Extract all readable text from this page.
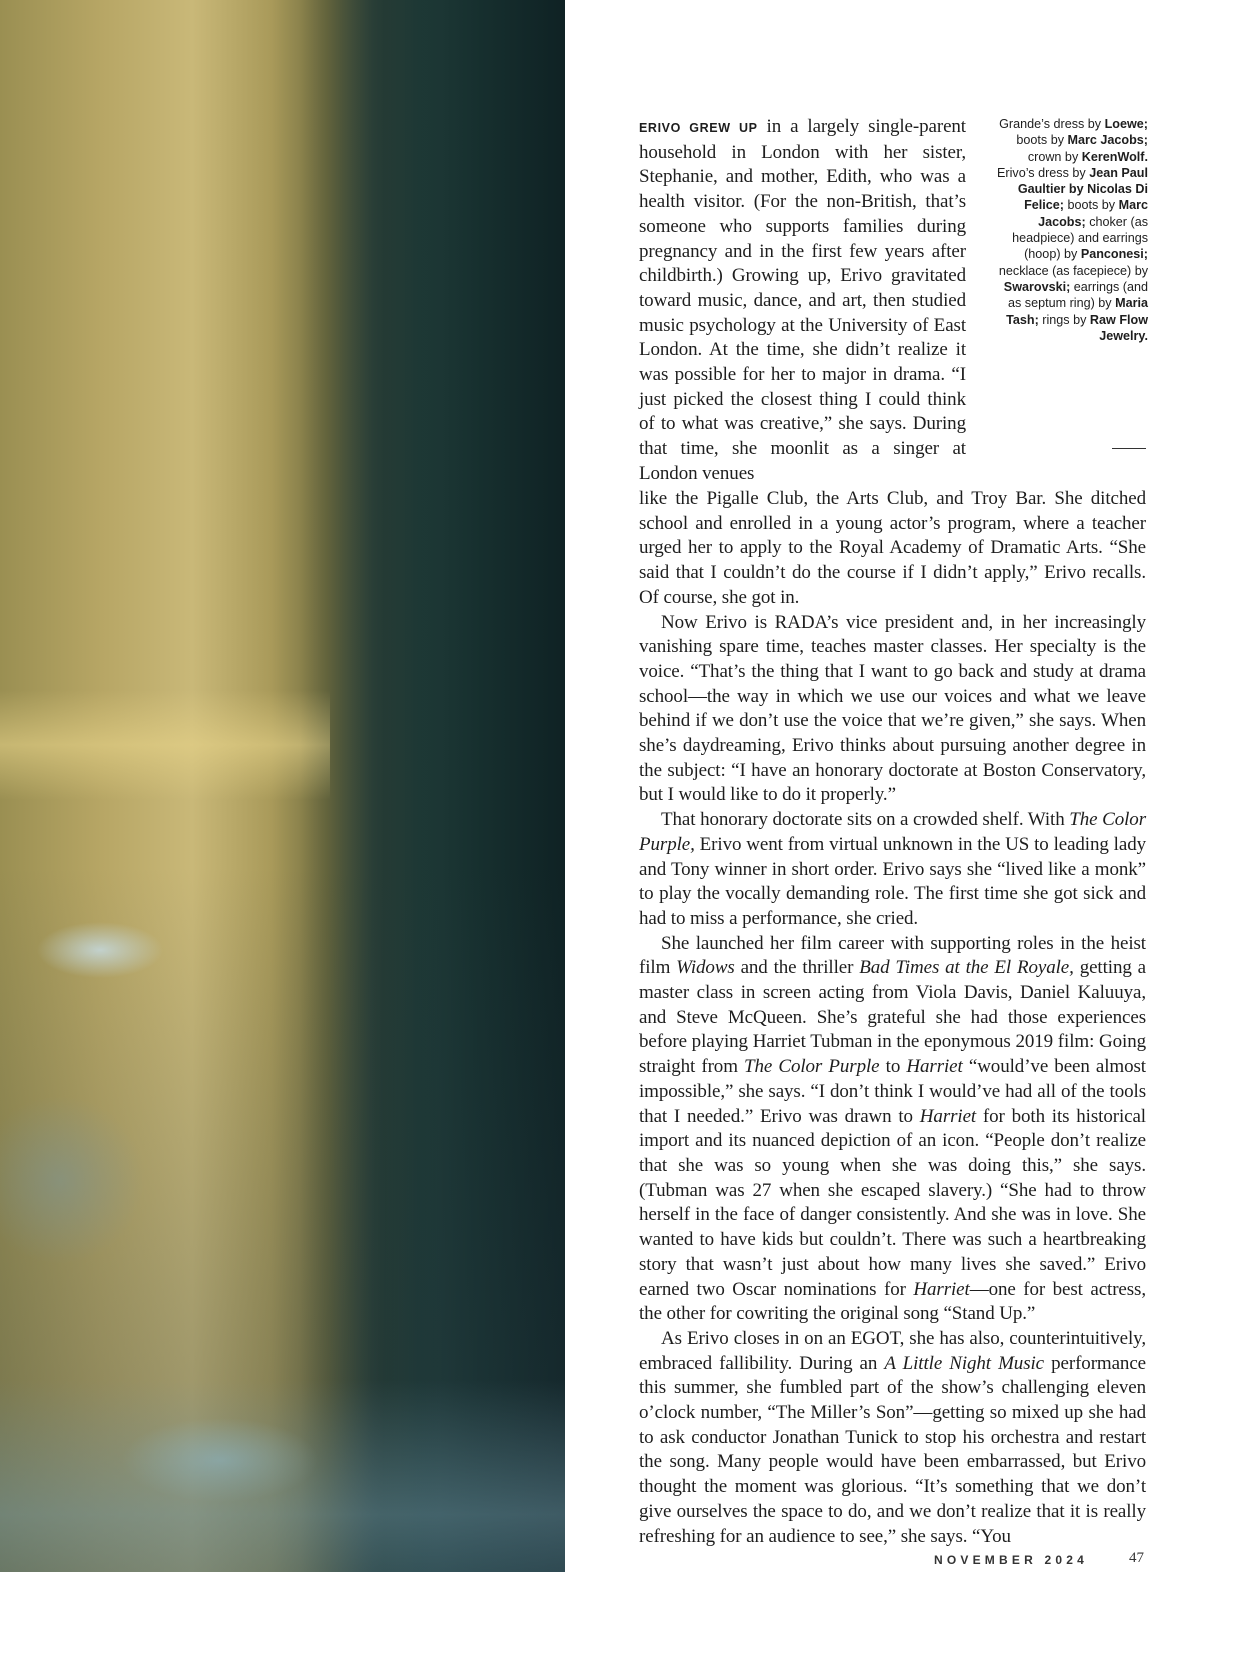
ERIVO GREW UP in a largely single-parent household in London with her sister, Stephanie, and mother, Edith, who was a health visitor. (For the non-British, that’s someone who supports families during pregnancy and in the first few years after childbirth.) Growing up, Erivo gravitated toward music, dance, and art, then studied music psychology at the University of East London. At the time, she didn’t realize it was possible for her to major in drama. “I just picked the closest thing I could think of to what was creative,” she says. During that time, she moonlit as a singer at London venues

Grande’s dress by Loewe; boots by Marc Jacobs; crown by KerenWolf. Erivo’s dress by Jean Paul Gaultier by Nicolas Di Felice; boots by Marc Jacobs; choker (as headpiece) and earrings (hoop) by Panconesi; necklace (as facepiece) by Swarovski; earrings (and as septum ring) by Maria Tash; rings by Raw Flow Jewelry.

like the Pigalle Club, the Arts Club, and Troy Bar. She ditched school and enrolled in a young actor’s program, where a teacher urged her to apply to the Royal Academy of Dramatic Arts. “She said that I couldn’t do the course if I didn’t apply,” Erivo recalls. Of course, she got in.

Now Erivo is RADA’s vice president and, in her increasingly vanishing spare time, teaches master classes. Her specialty is the voice. “That’s the thing that I want to go back and study at drama school—the way in which we use our voices and what we leave behind if we don’t use the voice that we’re given,” she says. When she’s daydreaming, Erivo thinks about pursuing another degree in the subject: “I have an honorary doctorate at Boston Conservatory, but I would like to do it properly.”

That honorary doctorate sits on a crowded shelf. With The Color Purple, Erivo went from virtual unknown in the US to leading lady and Tony winner in short order. Erivo says she “lived like a monk” to play the vocally demanding role. The first time she got sick and had to miss a performance, she cried.

She launched her film career with supporting roles in the heist film Widows and the thriller Bad Times at the El Royale, getting a master class in screen acting from Viola Davis, Daniel Kaluuya, and Steve McQueen. She’s grateful she had those experiences before playing Harriet Tubman in the eponymous 2019 film: Going straight from The Color Purple to Harriet “would’ve been almost impossible,” she says. “I don’t think I would’ve had all of the tools that I needed.” Erivo was drawn to Harriet for both its historical import and its nuanced depiction of an icon. “People don’t realize that she was so young when she was doing this,” she says. (Tubman was 27 when she escaped slavery.) “She had to throw herself in the face of danger consistently. And she was in love. She wanted to have kids but couldn’t. There was such a heartbreaking story that wasn’t just about how many lives she saved.” Erivo earned two Oscar nominations for Harriet—one for best actress, the other for cowriting the original song “Stand Up.”

As Erivo closes in on an EGOT, she has also, counterintuitively, embraced fallibility. During an A Little Night Music performance this summer, she fumbled part of the show’s challenging eleven o’clock number, “The Miller’s Son”—getting so mixed up she had to ask conductor Jonathan Tunick to stop his orchestra and restart the song. Many people would have been embarrassed, but Erivo thought the moment was glorious. “It’s something that we don’t give ourselves the space to do, and we don’t realize that it is really refreshing for an audience to see,” she says. “You

NOVEMBER 2024	47
